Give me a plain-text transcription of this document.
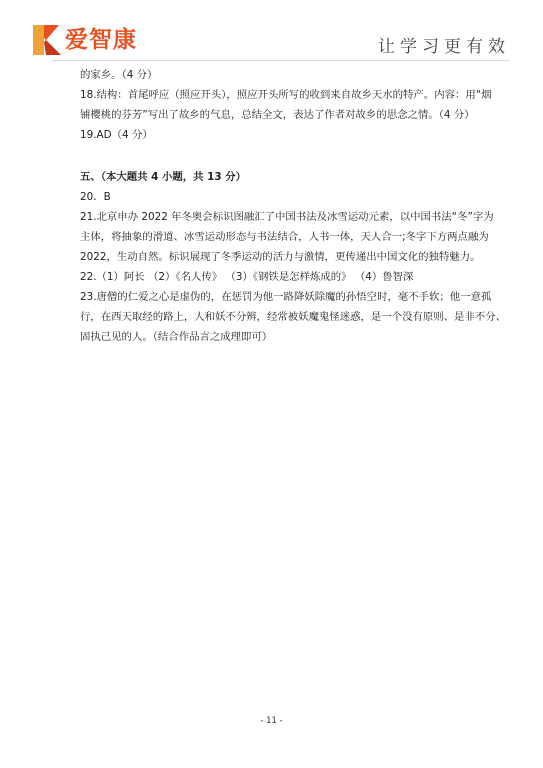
爱智康	让学习更有效

的家乡。（4 分）

18.结构：首尾呼应（照应开头），照应开头所写的收到来自故乡天水的特产。内容：用“烟

铺樱桃的芬芳”写出了故乡的气息，总结全文，表达了作者对故乡的思念之情。（4 分）

19.AD（4 分）

五、（本大题共 4 小题，共 13 分）

20．B

21.北京申办 2022 年冬奥会标识图融汇了中国书法及冰雪运动元素，以中国书法“冬”字为

主体，将抽象的滑道、冰雪运动形态与书法结合，人书一体，天人合一;冬字下方两点融为

2022，生动自然。标识展现了冬季运动的活力与激情，更传递出中国文化的独特魅力。

22.（1）阿长 （2）《名人传》 （3）《钢铁是怎样炼成的》 （4）鲁智深

23.唐僧的仁爱之心是虚伪的，在惩罚为他一路降妖除魔的孙悟空时，毫不手软；他一意孤

行，在西天取经的路上，人和妖不分辨，经常被妖魔鬼怪迷惑，是一个没有原则、是非不分、

固执己见的人。（结合作品言之成理即可）

- 11 -
